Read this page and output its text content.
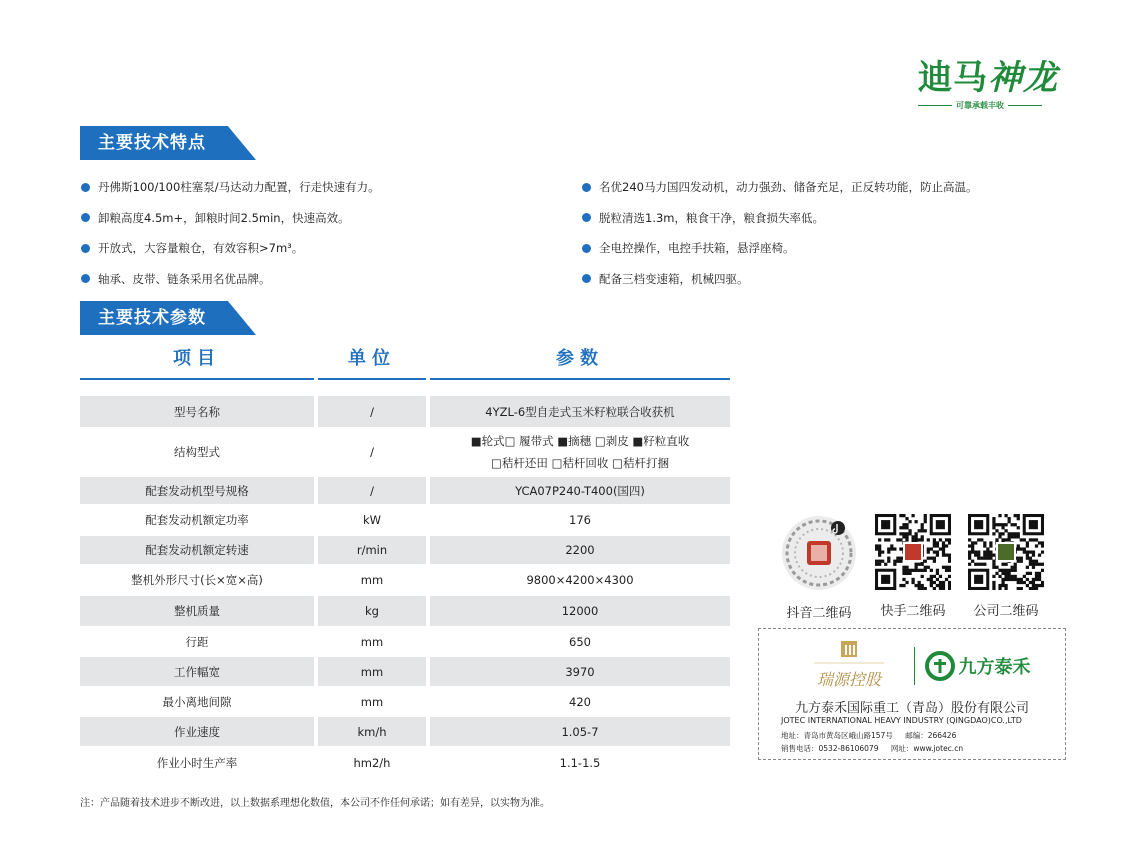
迪马神龙
可靠承载丰收
主要技术特点
丹佛斯100/100柱塞泵/马达动力配置，行走快速有力。
卸粮高度4.5m+，卸粮时间2.5min，快速高效。
开放式，大容量粮仓，有效容积>7m³。
轴承、皮带、链条采用名优品牌。
名优240马力国四发动机，动力强劲、储备充足，正反转功能，防止高温。
脱粒清选1.3m，粮食干净，粮食损失率低。
全电控操作，电控手扶箱，悬浮座椅。
配备三档变速箱，机械四驱。
主要技术参数
项目	单位	参数
型号名称	/	4YZL-6型自走式玉米籽粒联合收获机
结构型式	/
■轮式□ 履带式 ■摘穗 □剥皮 ■籽粒直收
□秸杆还田 □秸杆回收 □秸杆打捆
配套发动机型号规格	/	YCA07P240-T400(国四)
配套发动机额定功率	kW	176
配套发动机额定转速	r/min	2200
整机外形尺寸(长×宽×高)	mm	9800×4200×4300
整机质量	kg	12000
行距	mm	650
工作幅宽	mm	3970
最小离地间隙	mm	420
作业速度	km/h	1.05-7
作业小时生产率	hm2/h	1.1-1.5
注：产品随着技术进步不断改进，以上数据系理想化数值，本公司不作任何承诺；如有差异，以实物为准。
抖音二维码	快手二维码	公司二维码
瑞源控股
九方泰禾
九方泰禾国际重工（青岛）股份有限公司
JOTEC INTERNATIONAL HEAVY INDUSTRY (QINGDAO)CO.,LTD
地址：青岛市黄岛区峨山路157号 邮编：266426
销售电话：0532-86106079 网址：www.jotec.cn
